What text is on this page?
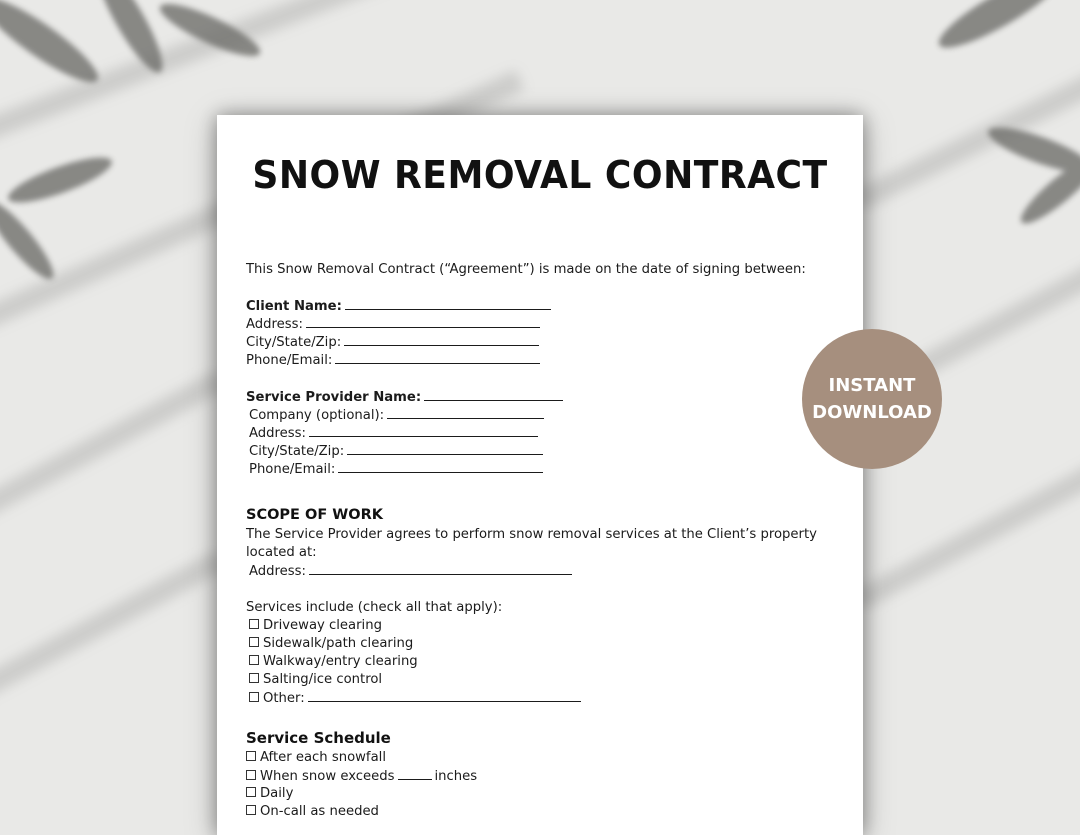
SNOW REMOVAL CONTRACT
This Snow Removal Contract (“Agreement”) is made on the date of signing between:
Client Name:
Address:
City/State/Zip:
Phone/Email:
Service Provider Name:
Company (optional):
Address:
City/State/Zip:
Phone/Email:
SCOPE OF WORK
The Service Provider agrees to perform snow removal services at the Client’s property
located at:
Address:
Services include (check all that apply):
Driveway clearing
Sidewalk/path clearing
Walkway/entry clearing
Salting/ice control
Other:
Service Schedule
After each snowfall
When snow exceeds	inches
Daily
On-call as needed
INSTANT
DOWNLOAD
